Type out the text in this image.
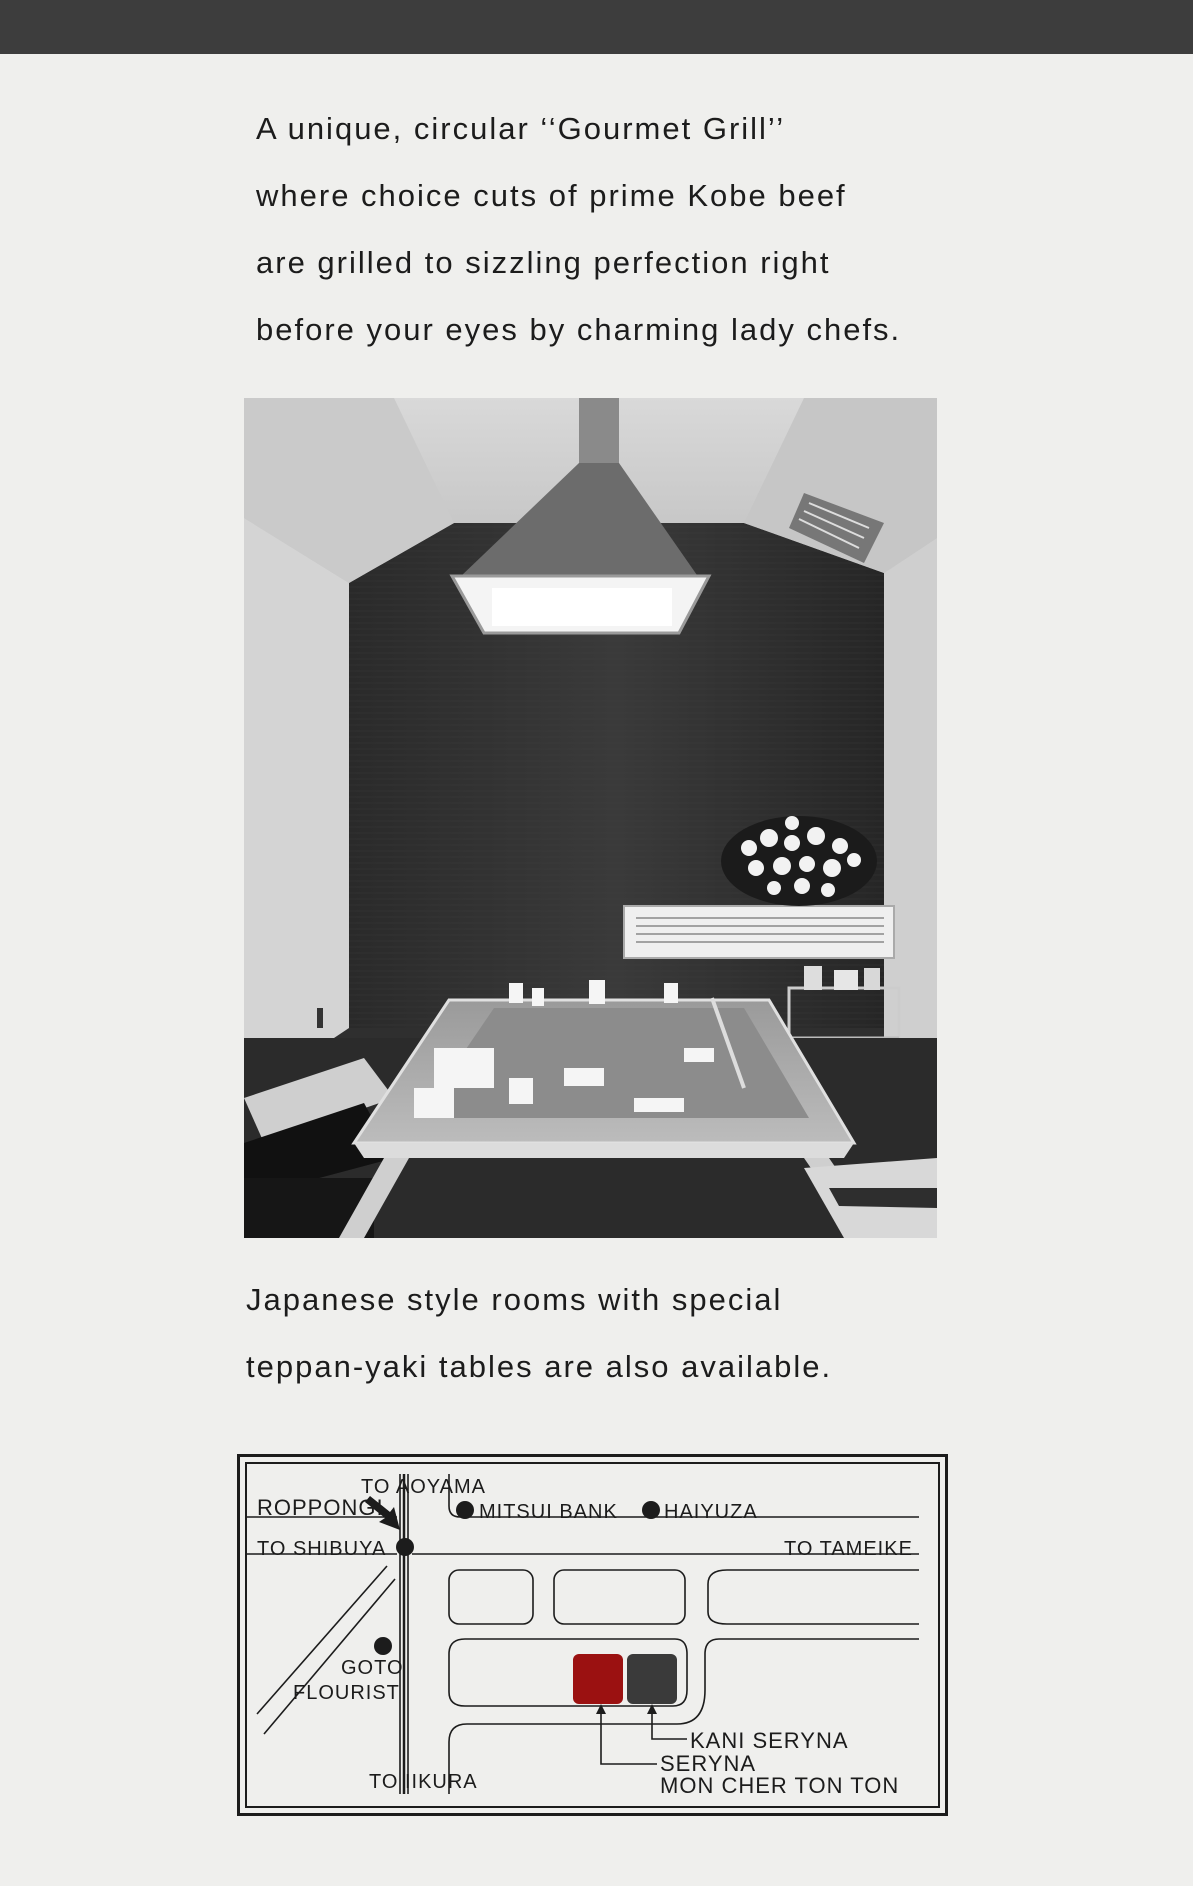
A unique, circular ‘‘Gourmet Grill’’
where choice cuts of prime Kobe beef
are grilled to sizzling perfection right
before your eyes by charming lady chefs.
Japanese style rooms with special
teppan-yaki tables are also available.
TO AOYAMA
ROPPONGI	MITSUI BANK HAIYUZA
TO SHIBUYA	TO TAMEIKE
GOTO
FLOURIST
TO IIKURA
KANI SERYNA
SERYNA
MON CHER TON TON
